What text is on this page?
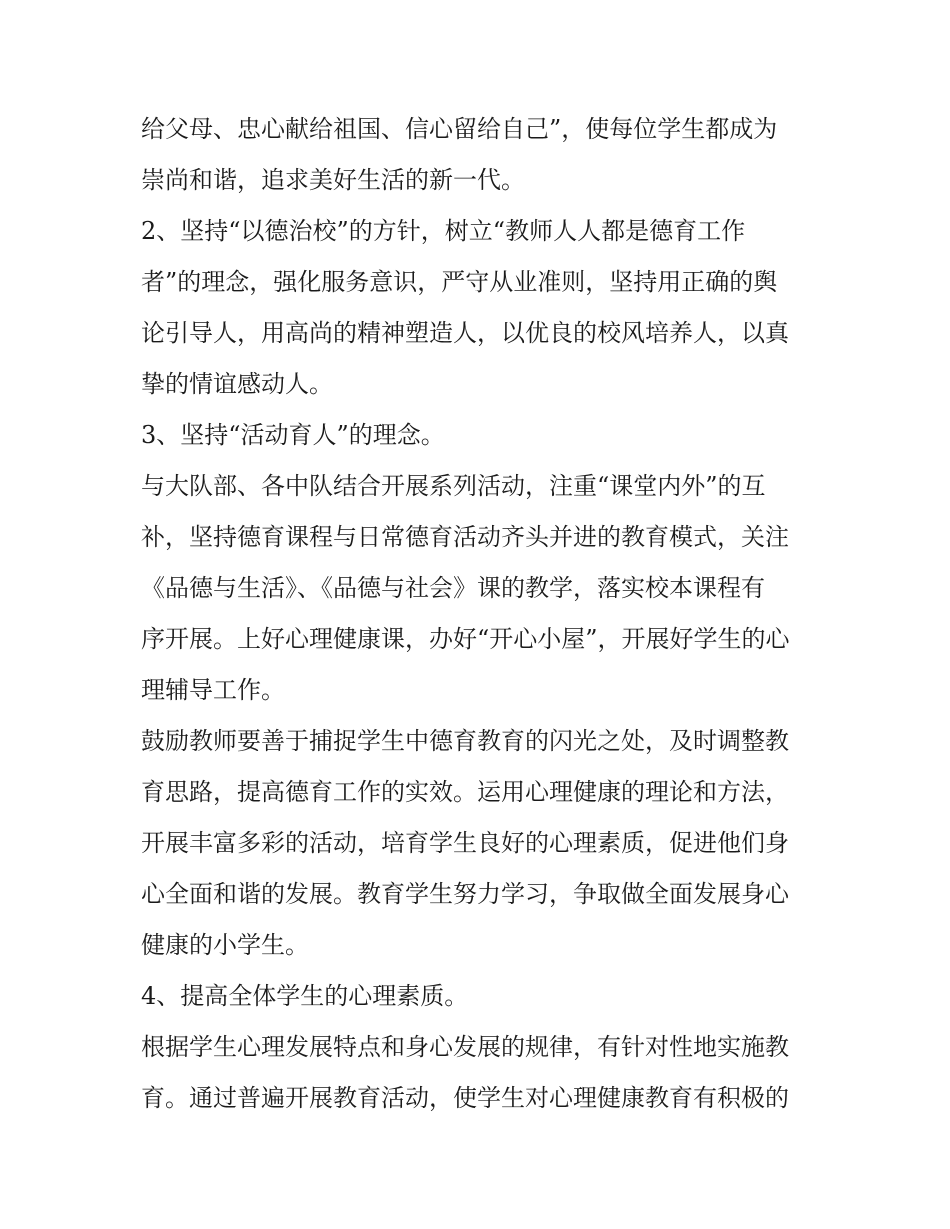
给父母、忠心献给祖国、信心留给自己”，使每位学生都成为
崇尚和谐，追求美好生活的新一代。
2、坚持“以德治校”的方针，树立“教师人人都是德育工作
者”的理念，强化服务意识，严守从业准则，坚持用正确的舆
论引导人，用高尚的精神塑造人，以优良的校风培养人，以真
挚的情谊感动人。
3、坚持“活动育人”的理念。
与大队部、各中队结合开展系列活动，注重“课堂内外”的互
补，坚持德育课程与日常德育活动齐头并进的教育模式，关注
《品德与生活》、《品德与社会》课的教学，落实校本课程有
序开展。上好心理健康课，办好“开心小屋”，开展好学生的心
理辅导工作。
鼓励教师要善于捕捉学生中德育教育的闪光之处，及时调整教
育思路，提高德育工作的实效。运用心理健康的理论和方法，
开展丰富多彩的活动，培育学生良好的心理素质，促进他们身
心全面和谐的发展。教育学生努力学习，争取做全面发展身心
健康的小学生。
4、提高全体学生的心理素质。
根据学生心理发展特点和身心发展的规律，有针对性地实施教
育。通过普遍开展教育活动，使学生对心理健康教育有积极的
